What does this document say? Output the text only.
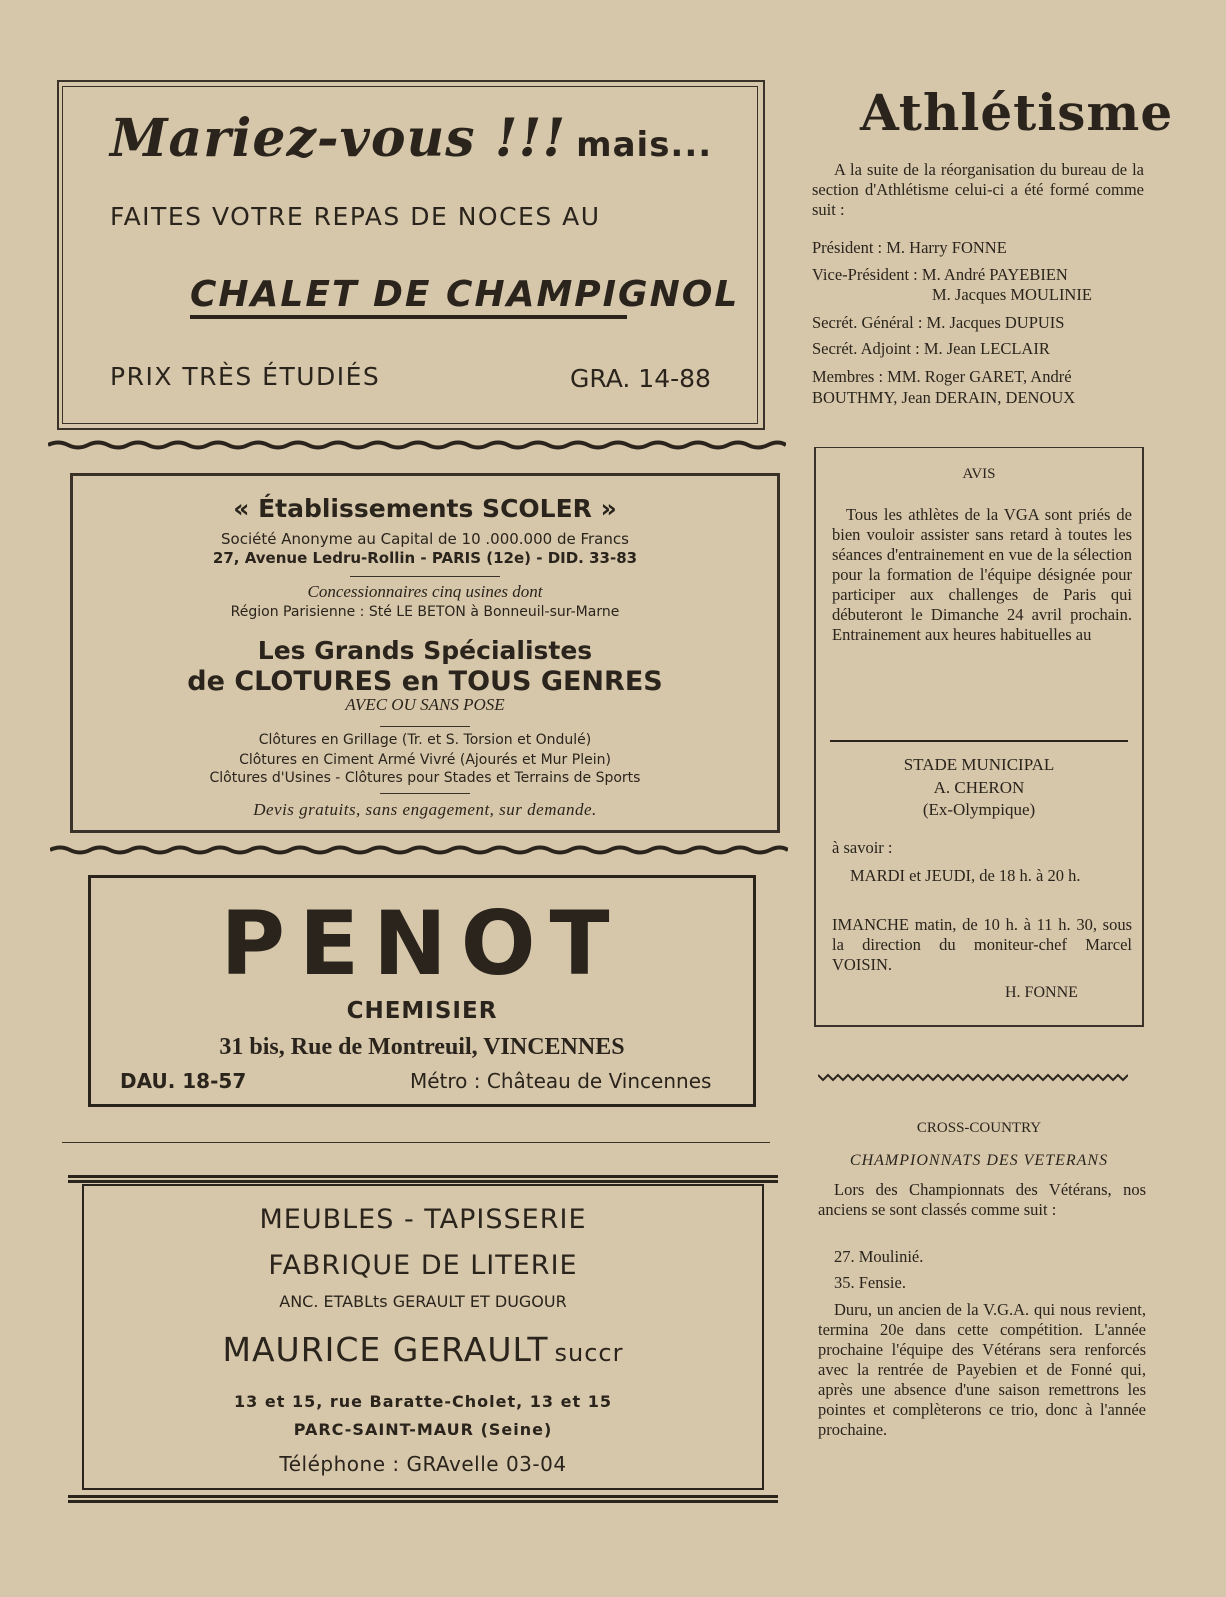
Mariez-vous !!! mais...
FAITES VOTRE REPAS DE NOCES AU
CHALET DE CHAMPIGNOL
PRIX TRÈS ÉTUDIÉS	GRA. 14-88
« Établissements SCOLER »
Société Anonyme au Capital de 10 .000.000 de Francs
27, Avenue Ledru-Rollin - PARIS (12e) - DID. 33-83
Concessionnaires cinq usines dont
Région Parisienne : Sté LE BETON à Bonneuil-sur-Marne
Les Grands Spécialistes
de CLOTURES en TOUS GENRES
AVEC OU SANS POSE
Clôtures en Grillage (Tr. et S. Torsion et Ondulé)
Clôtures en Ciment Armé Vivré (Ajourés et Mur Plein)
Clôtures d'Usines - Clôtures pour Stades et Terrains de Sports
Devis gratuits, sans engagement, sur demande.
PENOT
CHEMISIER
31 bis, Rue de Montreuil, VINCENNES
DAU. 18-57	Métro : Château de Vincennes
MEUBLES - TAPISSERIE
FABRIQUE DE LITERIE
ANC. ETABLts GERAULT ET DUGOUR
MAURICE GERAULT succr
13 et 15, rue Baratte-Cholet, 13 et 15
PARC-SAINT-MAUR (Seine)
Téléphone : GRAvelle 03-04
Athlétisme
A la suite de la réorganisation du bureau de la section d'Athlétisme celui-ci a été formé comme suit :
Président : M. Harry FONNE
Vice-Président : M. André PAYEBIEN
M. Jacques MOULINIE
Secrét. Général : M. Jacques DUPUIS
Secrét. Adjoint : M. Jean LECLAIR
Membres : MM. Roger GARET, André
BOUTHMY, Jean DERAIN, DENOUX
AVIS
Tous les athlètes de la VGA sont priés de bien vouloir assister sans retard à toutes les séances d'entrainement en vue de la sélection pour la formation de l'équipe désignée pour participer aux challenges de Paris qui débuteront le Dimanche 24 avril prochain. Entrainement aux heures habituelles au
STADE MUNICIPAL
A. CHERON
(Ex-Olympique)
à savoir :
MARDI et JEUDI, de 18 h. à 20 h.
IMANCHE matin, de 10 h. à 11 h. 30, sous la direction du moniteur-chef Marcel VOISIN.
H. FONNE
CROSS-COUNTRY
CHAMPIONNATS DES VETERANS
Lors des Championnats des Vétérans, nos anciens se sont classés comme suit :
27. Moulinié.
35. Fensie.
Duru, un ancien de la V.G.A. qui nous revient, termina 20e dans cette compétition. L'année prochaine l'équipe des Vétérans sera renforcés avec la rentrée de Payebien et de Fonné qui, après une absence d'une saison remettrons les pointes et complèterons ce trio, donc à l'année prochaine.
